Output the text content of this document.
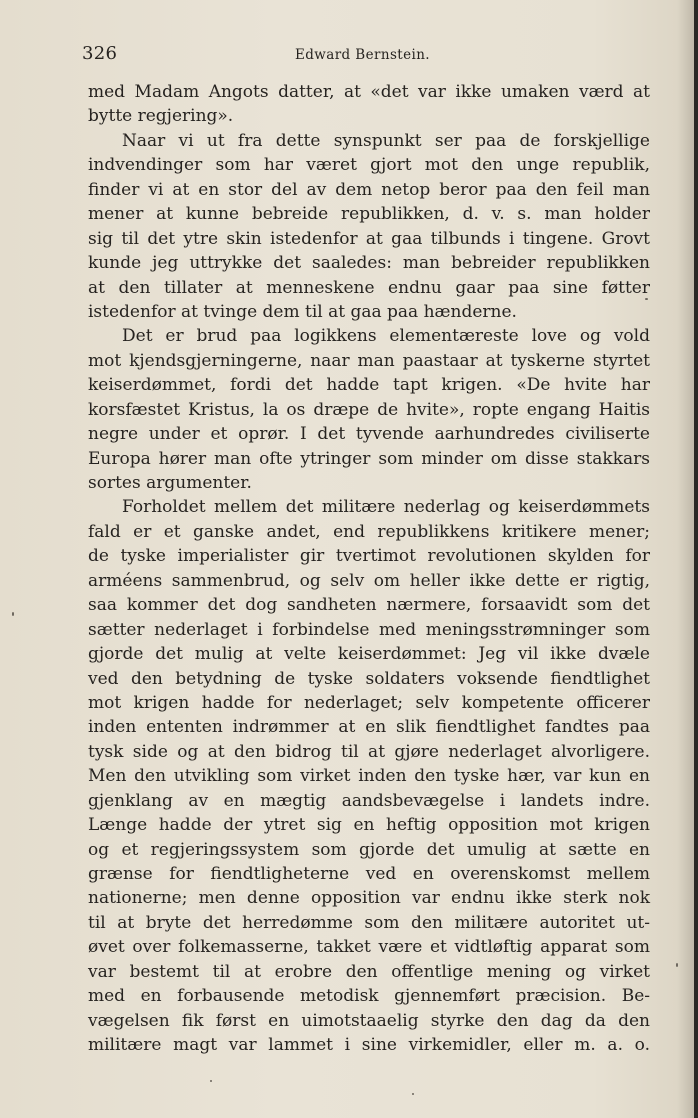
326	Edward Bernstein.
med Madam Angots datter, at «det var ikke umaken værd at
bytte regjering».
Naar vi ut fra dette synspunkt ser paa de forskjellige
indvendinger som har været gjort mot den unge republik,
finder vi at en stor del av dem netop beror paa den feil man
mener at kunne bebreide republikken, d. v. s. man holder
sig til det ytre skin istedenfor at gaa tilbunds i tingene. Grovt
kunde jeg uttrykke det saaledes: man bebreider republikken
at den tillater at menneskene endnu gaar paa sine føtter
istedenfor at tvinge dem til at gaa paa hænderne.
Det er brud paa logikkens elementæreste love og vold
mot kjendsgjerningerne, naar man paastaar at tyskerne styrtet
keiserdømmet, fordi det hadde tapt krigen. «De hvite har
korsfæstet Kristus, la os dræpe de hvite», ropte engang Haitis
negre under et oprør. I det tyvende aarhundredes civiliserte
Europa hører man ofte ytringer som minder om disse stakkars
sortes argumenter.
Forholdet mellem det militære nederlag og keiserdømmets
fald er et ganske andet, end republikkens kritikere mener;
de tyske imperialister gir tvertimot revolutionen skylden for
arméens sammenbrud, og selv om heller ikke dette er rigtig,
saa kommer det dog sandheten nærmere, forsaavidt som det
sætter nederlaget i forbindelse med meningsstrømninger som
gjorde det mulig at velte keiserdømmet: Jeg vil ikke dvæle
ved den betydning de tyske soldaters voksende fiendtlighet
mot krigen hadde for nederlaget; selv kompetente officerer
inden ententen indrømmer at en slik fiendtlighet fandtes paa
tysk side og at den bidrog til at gjøre nederlaget alvorligere.
Men den utvikling som virket inden den tyske hær, var kun en
gjenklang av en mægtig aandsbevægelse i landets indre.
Længe hadde der ytret sig en heftig opposition mot krigen
og et regjeringssystem som gjorde det umulig at sætte en
grænse for fiendtligheterne ved en overenskomst mellem
nationerne; men denne opposition var endnu ikke sterk nok
til at bryte det herredømme som den militære autoritet ut-
øvet over folkemasserne, takket være et vidtløftig apparat som
var bestemt til at erobre den offentlige mening og virket
med en forbausende metodisk gjennemført præcision. Be-
vægelsen fik først en uimotstaaelig styrke den dag da den
militære magt var lammet i sine virkemidler, eller m. a. o.
